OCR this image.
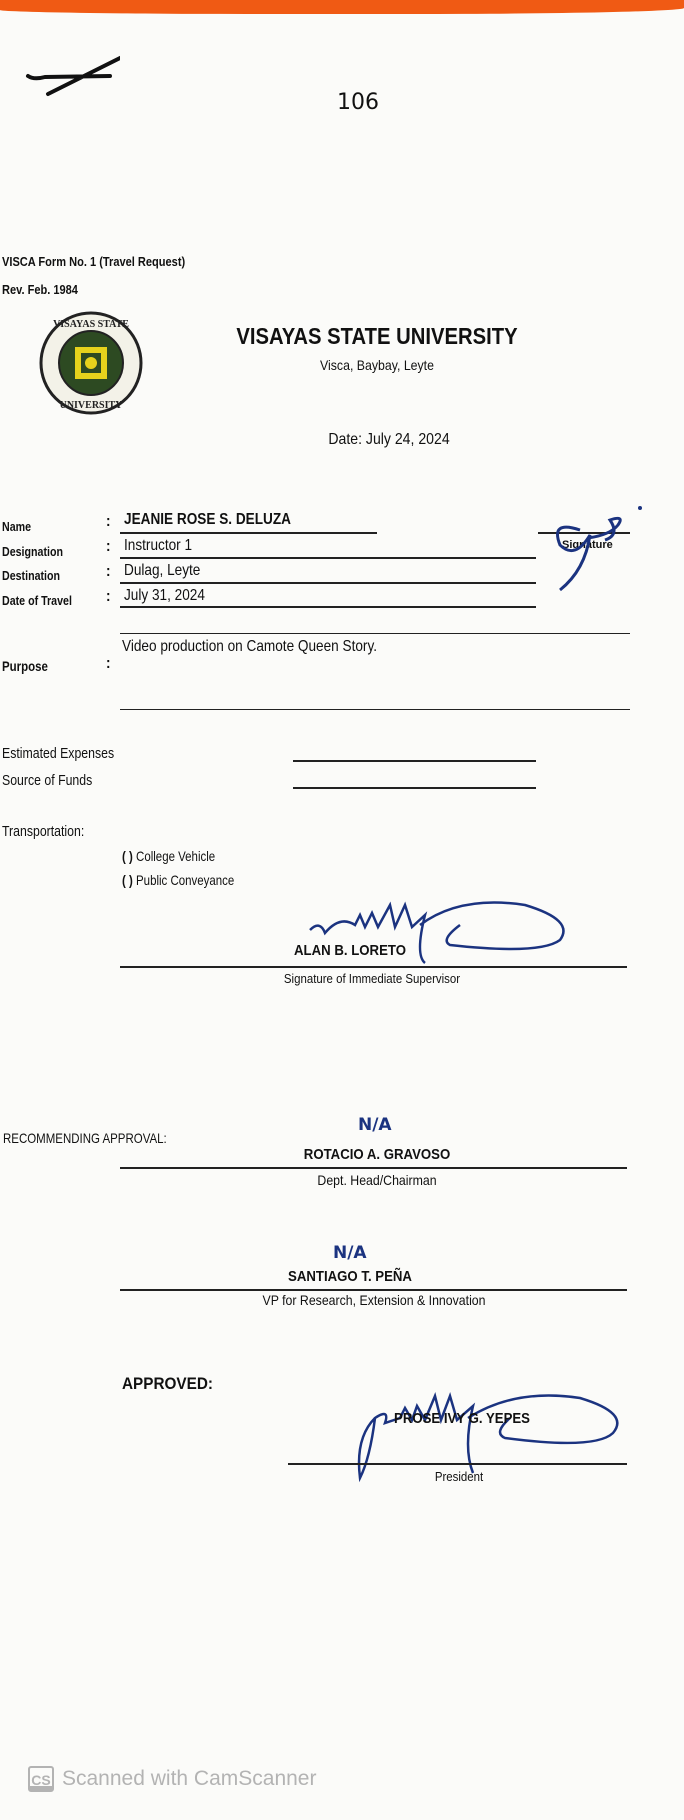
106
VISCA Form No. 1 (Travel Request)
Rev. Feb. 1984
VISAYAS STATE
UNIVERSITY
VISAYAS STATE UNIVERSITY
Visca, Baybay, Leyte
Date: July 24, 2024
Name
Designation
Destination
Date of Travel
:
:
:
:
JEANIE ROSE S. DELUZA
Instructor 1
Dulag, Leyte
July 31, 2024
Signature
Video production on Camote Queen Story.
Purpose	:
Estimated Expenses
Source of Funds
Transportation:
( ) College Vehicle
( ) Public Conveyance
ALAN B. LORETO
Signature of Immediate Supervisor
RECOMMENDING APPROVAL:
N/A
ROTACIO A. GRAVOSO
Dept. Head/Chairman
N/A
SANTIAGO T. PEÑA
VP for Research, Extension & Innovation
APPROVED:
PROSE IVY G. YEPES
President
CS Scanned with CamScanner
